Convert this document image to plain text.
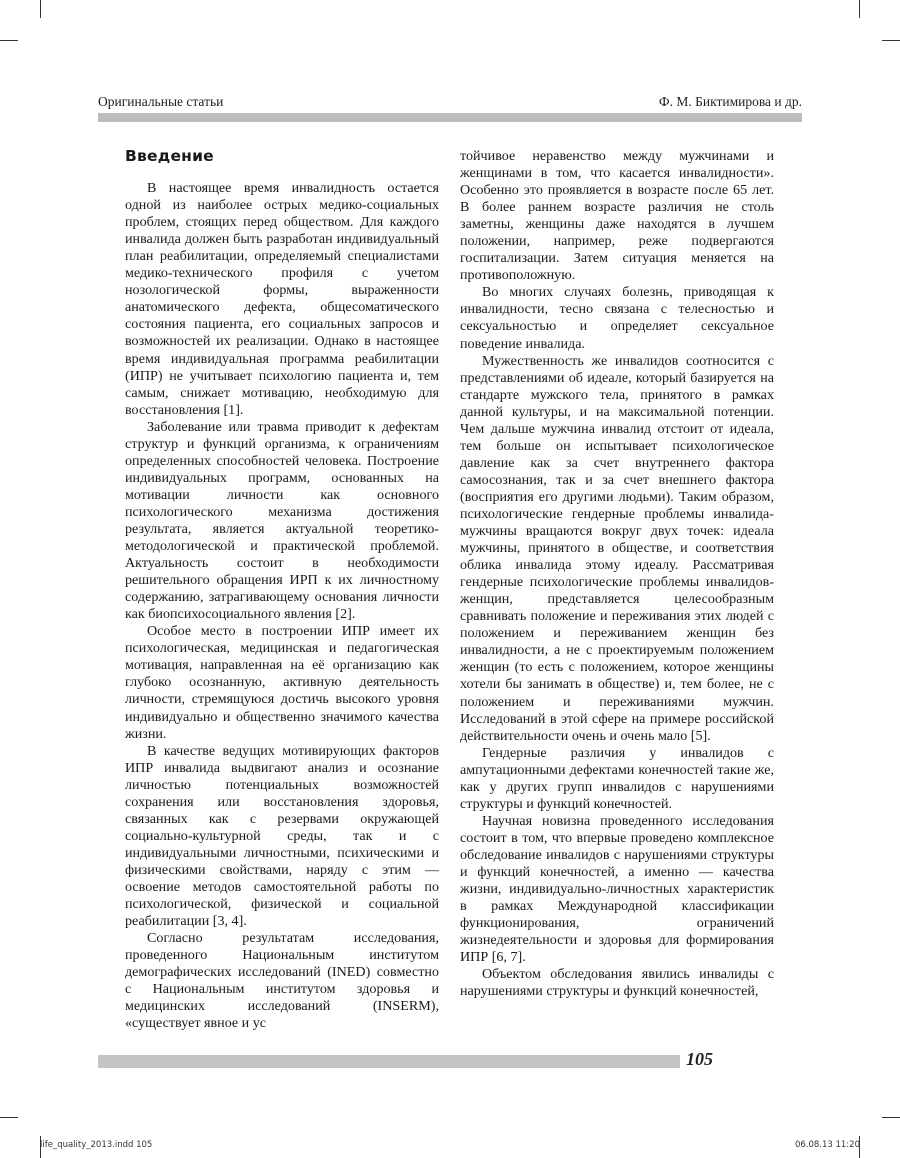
Оригинальные статьи	Ф. М. Биктимирова и др.
Введение

В настоящее время инвалидность остается одной из наиболее острых медико-социальных проблем, стоящих перед обществом. Для каждого инвалида должен быть разработан индивидуальный план реабилитации, определяемый специалистами медико-технического профиля с учетом нозологической формы, выраженности анатомического дефекта, общесоматического состояния пациента, его социальных запросов и возможностей их реализации. Однако в настоящее время индивидуальная программа реабилитации (ИПР) не учитывает психологию пациента и, тем самым, снижает мотивацию, необходимую для восстановления [1].

Заболевание или травма приводит к дефектам структур и функций организма, к ограничениям определенных способностей человека. Построение индивидуальных программ, основанных на мотивации личности как основного психологического механизма достижения результата, является актуальной теоретико-методологической и практической проблемой. Актуальность состоит в необходимости решительного обращения ИРП к их личностному содержанию, затрагивающему основания личности как биопсихосоциального явления [2].

Особое место в построении ИПР имеет их психологическая, медицинская и педагогическая мотивация, направленная на её организацию как глубоко осознанную, активную деятельность личности, стремящуюся достичь высокого уровня индивидуально и общественно значимого качества жизни.

В качестве ведущих мотивирующих факторов ИПР инвалида выдвигают анализ и осознание личностью потенциальных возможностей сохранения или восстановления здоровья, связанных как с резервами окружающей социально-культурной среды, так и с индивидуальными личностными, психическими и физическими свойствами, наряду с этим — освоение методов самостоятельной работы по психологической, физической и социальной реабилитации [3, 4].

Согласно результатам исследования, проведенного Национальным институтом демографических исследований (INED) совместно с Национальным институтом здоровья и медицинских исследований (INSERM), «существует явное и ус

тойчивое неравенство между мужчинами и женщинами в том, что касается инвалидности». Особенно это проявляется в возрасте после 65 лет. В более раннем возрасте различия не столь заметны, женщины даже находятся в лучшем положении, например, реже подвергаются госпитализации. Затем ситуация меняется на противоположную.

Во многих случаях болезнь, приводящая к инвалидности, тесно связана с телесностью и сексуальностью и определяет сексуальное поведение инвалида.

Мужественность же инвалидов соотносится с представлениями об идеале, который базируется на стандарте мужского тела, принятого в рамках данной культуры, и на максимальной потенции. Чем дальше мужчина инвалид отстоит от идеала, тем больше он испытывает психологическое давление как за счет внутреннего фактора самосознания, так и за счет внешнего фактора (восприятия его другими людьми). Таким образом, психологические гендерные проблемы инвалида-мужчины вращаются вокруг двух точек: идеала мужчины, принятого в обществе, и соответствия облика инвалида этому идеалу. Рассматривая гендерные психологические проблемы инвалидов-женщин, представляется целесообразным сравнивать положение и переживания этих людей с положением и переживанием женщин без инвалидности, а не с проектируемым положением женщин (то есть с положением, которое женщины хотели бы занимать в обществе) и, тем более, не с положением и переживаниями мужчин. Исследований в этой сфере на примере российской действительности очень и очень мало [5].

Гендерные различия у инвалидов с ампутационными дефектами конечностей такие же, как у других групп инвалидов с нарушениями структуры и функций конечностей.

Научная новизна проведенного исследования состоит в том, что впервые проведено комплексное обследование инвалидов с нарушениями структуры и функций конечностей, а именно — качества жизни, индивидуально-личностных характеристик в рамках Международной классификации функционирования, ограничений жизнедеятельности и здоровья для формирования ИПР [6, 7].

Объектом обследования явились инвалиды с нарушениями структуры и функций конечностей,

105
life_quality_2013.indd 105	06.08.13 11:20
